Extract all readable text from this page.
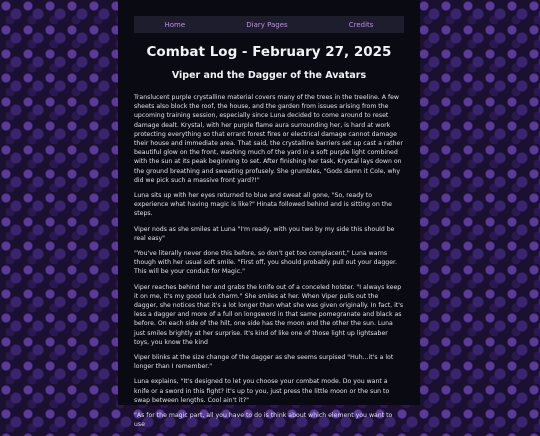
Home	Diary Pages	Credits
Combat Log - February 27, 2025
Viper and the Dagger of the Avatars

Translucent purple crystalline material covers many of the trees in the treeline. A few sheets also block the roof, the house, and the garden from issues arising from the upcoming training session, especially since Luna decided to come around to reset damage dealt. Krystal, with her purple flame aura surrounding her, is hard at work protecting everything so that errant forest fires or electrical damage cannot damage their house and immediate area. That said, the crystalline barriers set up cast a rather beautiful glow on the front, washing much of the yard in a soft purple light combined with the sun at its peak beginning to set. After finishing her task, Krystal lays down on the ground breathing and sweating profusely. She grumbles, "Gods damn it Cole, why did we pick such a massive front yard?!"

Luna sits up with her eyes returned to blue and sweat all gone, "So, ready to experience what having magic is like?" Hinata followed behind and is sitting on the steps.

Viper nods as she smiles at Luna "I'm ready, with you two by my side this should be real easy"

"You've literally never done this before, so don't get too complacent," Luna warns though with her usual soft smile. "First off, you should probably pull out your dagger. This will be your conduit for Magic."

Viper reaches behind her and grabs the knife out of a conceled holster. "I always keep it on me, it's my good luck charm." She smiles at her. When Viper pulls out the dagger, she notices that it's a lot longer than what she was given originally. In fact, it's less a dagger and more of a full on longsword in that same pomegranate and black as before. On each side of the hilt, one side has the moon and the other the sun. Luna just smiles brightly at her surprise. It's kind of like one of those light up lightsaber toys, you know the kind

Viper blinks at the size change of the dagger as she seems surpised "Huh...it's a lot longer than I remember."

Luna explains, "It's designed to let you choose your combat mode. Do you want a knife or a sword in this fight? It's up to you, just press the little moon or the sun to swap between lengths. Cool ain't it?"

"As for the magic part, all you have to do is think about which element you want to use
